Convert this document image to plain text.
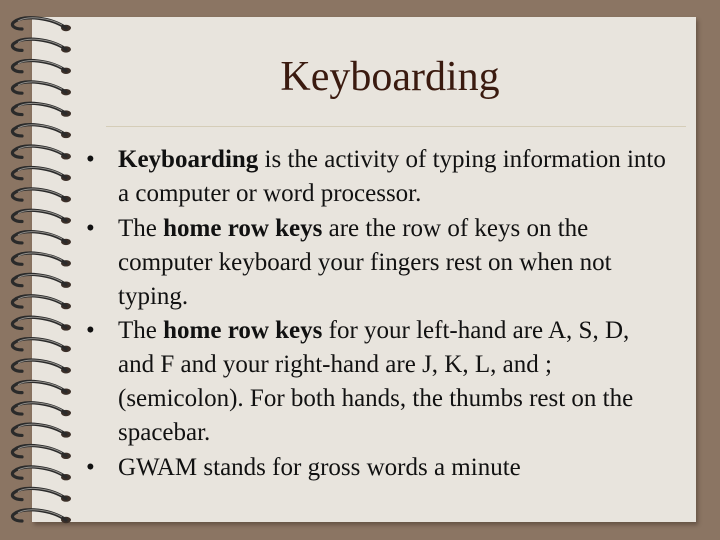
Keyboarding
• Keyboarding is the activity of typing information into a computer or word processor.
• The home row keys are the row of keys on the computer keyboard your fingers rest on when not typing.
• The home row keys for your left-hand are A, S, D, and F and your right-hand are J, K, L, and ; (semicolon). For both hands, the thumbs rest on the spacebar.
• GWAM stands for gross words a minute
